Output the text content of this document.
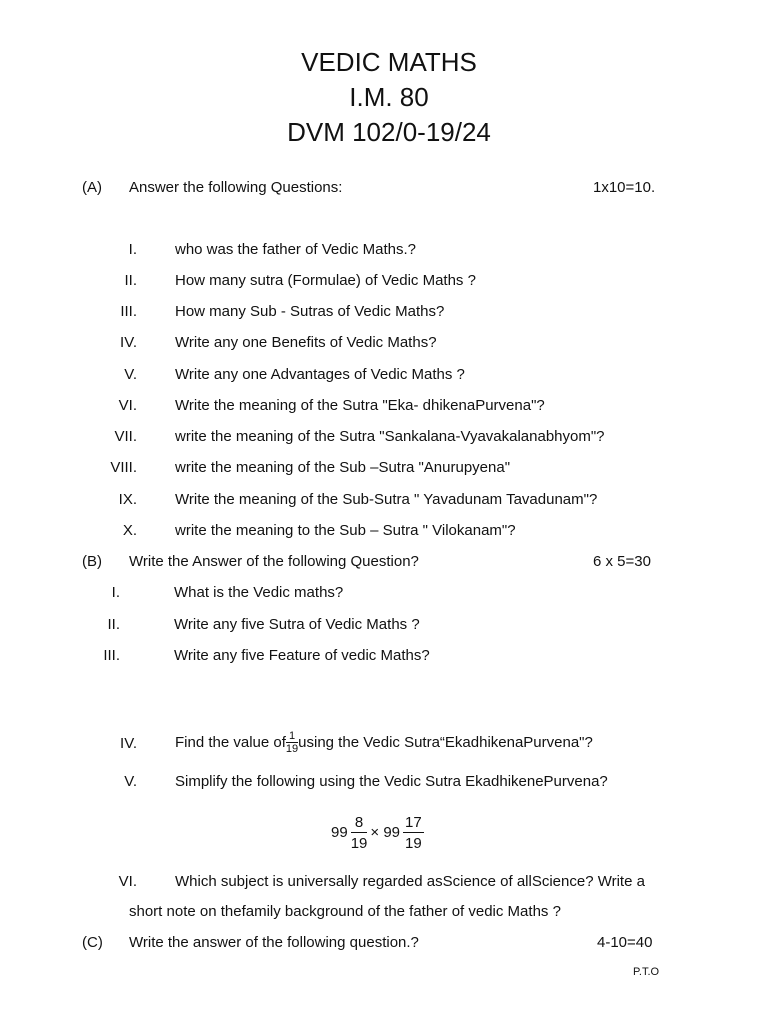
VEDIC MATHS
I.M. 80
DVM 102/0-19/24
(A) Answer the following Questions:	1x10=10.
I.	who was the father of Vedic Maths.?
II.	How many sutra (Formulae) of Vedic Maths ?
III.	How many Sub - Sutras of Vedic Maths?
IV.	Write any one Benefits of Vedic Maths?
V.	Write any one Advantages of Vedic Maths ?
VI.	Write the meaning of the Sutra "Eka- dhikenaPurvena"?
VII.	write the meaning of the Sutra "Sankalana-Vyavakalanabhyom"?
VIII.	write the meaning of the Sub –Sutra "Anurupyena"
IX.	Write the meaning of the Sub-Sutra " Yavadunam Tavadunam"?
X.	write the meaning to the Sub – Sutra " Vilokanam"?
(B) Write the Answer of the following Question?	6 x 5=30
I.	What is the Vedic maths?
II.	Write any five Sutra of Vedic Maths ?
III.	Write any five Feature of vedic Maths?
IV.	Find the value of $\frac{1}{19}$ using the Vedic Sutra“EkadhikenaPurvena"?
V.	Simplify the following using the Vedic Sutra EkadhikenePurvena?
$99 \frac{8}{19} \times 99 \frac{17}{19}$
VI.	Which subject is universally regarded asScience of allScience? Write a
short note on thefamily background of the father of vedic Maths ?
(C) Write the answer of the following question.?	4-10=40
P.T.O
